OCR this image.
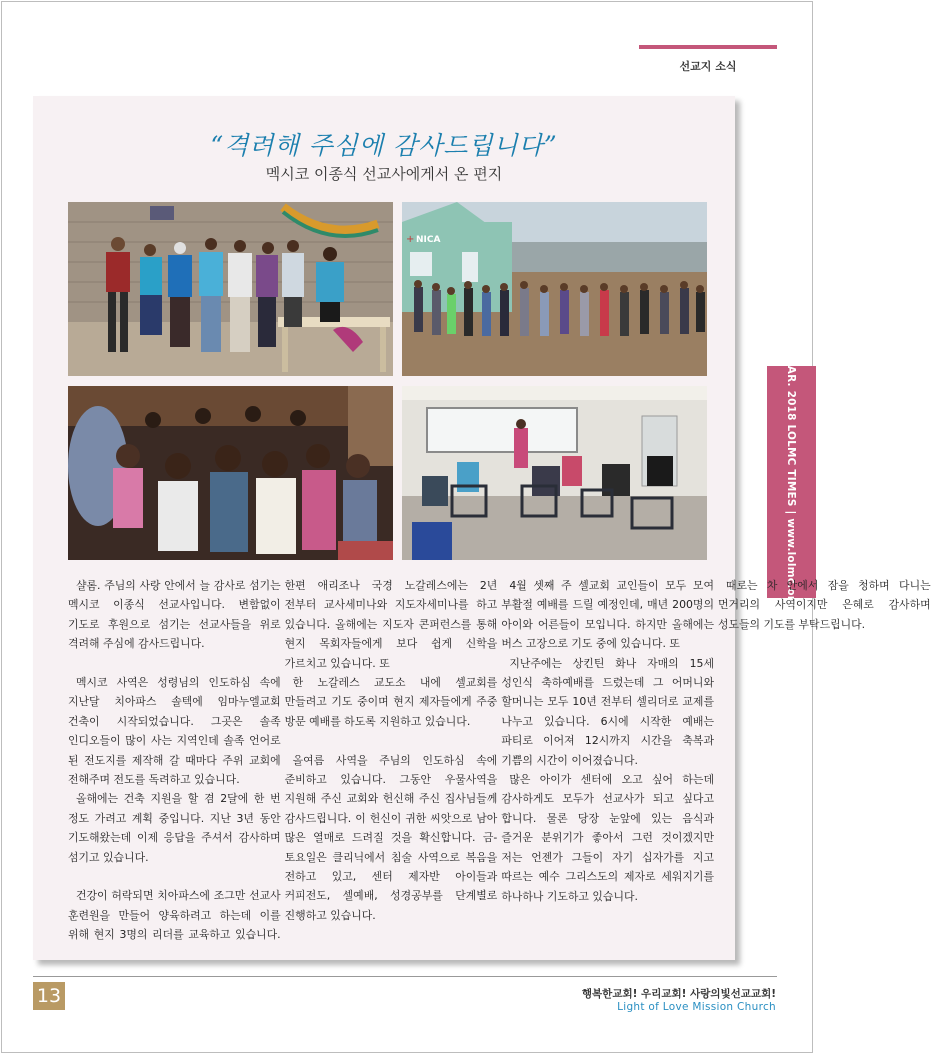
선교지 소식
MAR. 2018 LOLMC TIMES | www.lolmc.org
“격려해 주심에 감사드립니다”
멕시코 이종식 선교사에게서 온 편지
+ NICA
13	행복한교회! 우리교회! 사랑의빛선교교회!
Light of Love Mission Church

샬롬. 주님의 사랑 안에서 늘 감사로 섬기는 멕시코 이종식 선교사입니다. 변함없이 기도로 후원으로 섬기는 선교사들을 위로 격려해 주심에 감사드립니다.

멕시코 사역은 성령님의 인도하심 속에 지난달 치아파스 솔텍에 임마누엘교회 건축이 시작되었습니다. 그곳은 솔족 인디오들이 많이 사는 지역인데 솔족 언어로 된 전도지를 제작해 갈 때마다 주위 교회에 전해주며 전도를 독려하고 있습니다.

올해에는 건축 지원을 할 겸 2달에 한 번 정도 가려고 계획 중입니다. 지난 3년 동안 기도해왔는데 이제 응답을 주셔서 감사하며 섬기고 있습니다.

건강이 허락되면 치아파스에 조그만 선교사 훈련원을 만들어 양육하려고 하는데 이를 위해 현지 3명의 리더를 교육하고 있습니다. 한편 애리조나 국경 노갈레스에는 2년 전부터 교사세미나와 지도자세미나를 하고 있습니다. 올해에는 지도자 콘퍼런스를 통해 현지 목회자들에게 보다 쉽게 신학을 가르치고 있습니다. 또

한 노갈레스 교도소 내에 셀교회를 만들려고 기도 중이며 현지 제자들에게 주중 방문 예배를 하도록 지원하고 있습니다.

올여름 사역을 주님의 인도하심 속에 준비하고 있습니다. 그동안 우물사역을 지원해 주신 교회와 헌신해 주신 집사님들께 감사드립니다. 이 헌신이 귀한 씨앗으로 남아 많은 열매로 드려질 것을 확신합니다. 금-토요일은 클리닉에서 침술 사역으로 복음을 전하고 있고, 센터 제자반 아이들과 커피전도, 셀예배, 성경공부를 단계별로 진행하고 있습니다.

4월 셋째 주 셀교회 교인들이 모두 모여 부활절 예배를 드릴 예정인데, 매년 200명의 아이와 어른들이 모입니다. 하지만 올해에는 버스 고장으로 기도 중에 있습니다. 또

지난주에는 상킨틴 화나 자매의 15세 성인식 축하예배를 드렸는데 그 어머니와 할머니는 모두 10년 전부터 셀리더로 교제를 나누고 있습니다. 6시에 시작한 예배는 파티로 이어져 12시까지 시간을 축복과 기쁨의 시간이 이어졌습니다.

많은 아이가 센터에 오고 싶어 하는데 감사하게도 모두가 선교사가 되고 싶다고 합니다. 물론 당장 눈앞에 있는 음식과 즐거운 분위기가 좋아서 그런 것이겠지만 저는 언젠가 그들이 자기 십자가를 지고 따르는 예수 그리스도의 제자로 세워지기를 하나하나 기도하고 있습니다.

때로는 차 안에서 잠을 청하며 다니는 먼거리의 사역이지만 은혜로 감사하며 성도들의 기도를 부탁드립니다.
